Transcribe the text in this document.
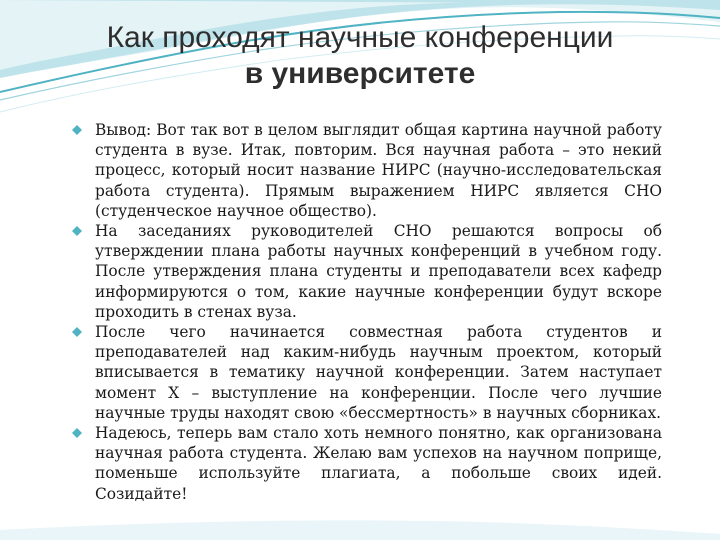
Как проходят научные конференции
в университете
Вывод: Вот так вот в целом выглядит общая картина научной работу студента в вузе. Итак, повторим. Вся научная работа – это некий процесс, который носит название НИРС (научно-исследовательская работа студента). Прямым выражением НИРС является СНО (студенческое научное общество).
На заседаниях руководителей СНО решаются вопросы об утверждении плана работы научных конференций в учебном году. После утверждения плана студенты и преподаватели всех кафедр информируются о том, какие научные конференции будут вскоре проходить в стенах вуза.
После чего начинается совместная работа студентов и преподавателей над каким-нибудь научным проектом, который вписывается в тематику научной конференции. Затем наступает момент Х – выступление на конференции. После чего лучшие научные труды находят свою «бессмертность» в научных сборниках.
Надеюсь, теперь вам стало хоть немного понятно, как организована научная работа студента. Желаю вам успехов на научном поприще, поменьше используйте плагиата, а побольше своих идей. Созидайте!
